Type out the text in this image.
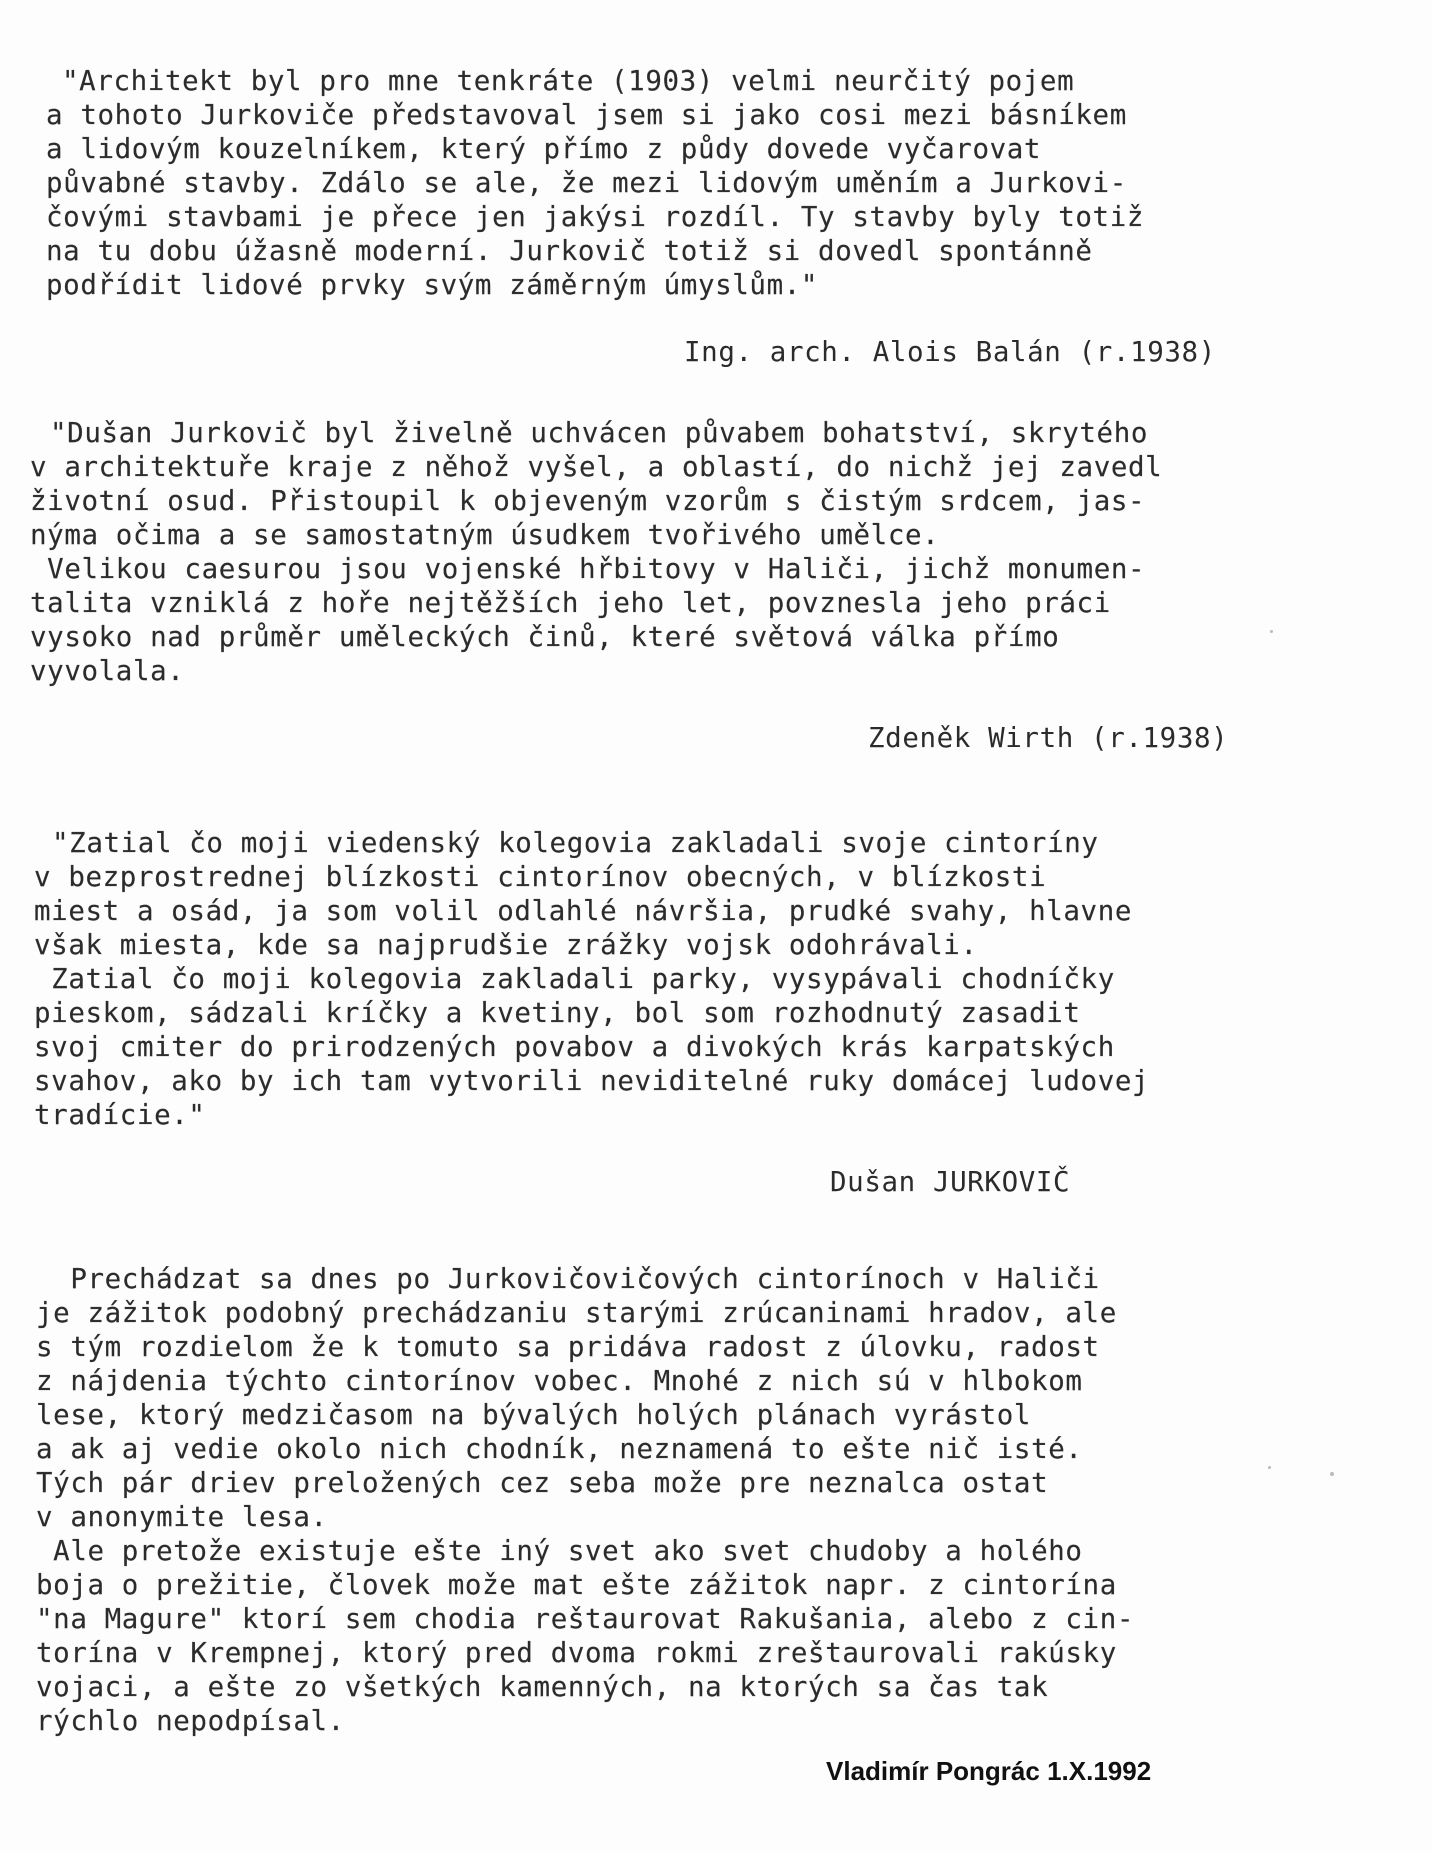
"Architekt byl pro mne tenkráte (1903) velmi neurčitý pojem
a tohoto Jurkoviče představoval jsem si jako cosi mezi básníkem
a lidovým kouzelníkem, který přímo z půdy dovede vyčarovat
půvabné stavby. Zdálo se ale, že mezi lidovým uměním a Jurkovi-
čovými stavbami je přece jen jakýsi rozdíl. Ty stavby byly totiž
na tu dobu úžasně moderní. Jurkovič totiž si dovedl spontánně
podřídit lidové prvky svým záměrným úmyslům."
Ing. arch. Alois Balán (r.1938)
"Dušan Jurkovič byl živelně uchvácen půvabem bohatství, skrytého
v architektuře kraje z něhož vyšel, a oblastí, do nichž jej zavedl
životní osud. Přistoupil k objeveným vzorům s čistým srdcem, jas-
nýma očima a se samostatným úsudkem tvořivého umělce.
Velikou caesurou jsou vojenské hřbitovy v Haliči, jichž monumen-
talita vzniklá z hoře nejtěžších jeho let, povznesla jeho práci
vysoko nad průměr uměleckých činů, které světová válka přímo
vyvolala.
Zdeněk Wirth (r.1938)
"Zatial čo moji viedenský kolegovia zakladali svoje cintoríny
v bezprostrednej blízkosti cintorínov obecných, v blízkosti
miest a osád, ja som volil odlahlé návršia, prudké svahy, hlavne
však miesta, kde sa najprudšie zrážky vojsk odohrávali.
Zatial čo moji kolegovia zakladali parky, vysypávali chodníčky
pieskom, sádzali kríčky a kvetiny, bol som rozhodnutý zasadit
svoj cmiter do prirodzených povabov a divokých krás karpatských
svahov, ako by ich tam vytvorili neviditelné ruky domácej ludovej
tradície."
Dušan JURKOVIČ
Prechádzat sa dnes po Jurkovičovičových cintorínoch v Haliči
je zážitok podobný prechádzaniu starými zrúcaninami hradov, ale
s tým rozdielom že k tomuto sa pridáva radost z úlovku, radost
z nájdenia týchto cintorínov vobec. Mnohé z nich sú v hlbokom
lese, ktorý medzičasom na bývalých holých plánach vyrástol
a ak aj vedie okolo nich chodník, neznamená to ešte nič isté.
Tých pár driev preložených cez seba može pre neznalca ostat
v anonymite lesa.
Ale pretože existuje ešte iný svet ako svet chudoby a holého
boja o prežitie, človek može mat ešte zážitok napr. z cintorína
"na Magure" ktorí sem chodia reštaurovat Rakušania, alebo z cin-
torína v Krempnej, ktorý pred dvoma rokmi zreštaurovali rakúsky
vojaci, a ešte zo všetkých kamenných, na ktorých sa čas tak
rýchlo nepodpísal.
Vladimír Pongrác 1.X.1992
